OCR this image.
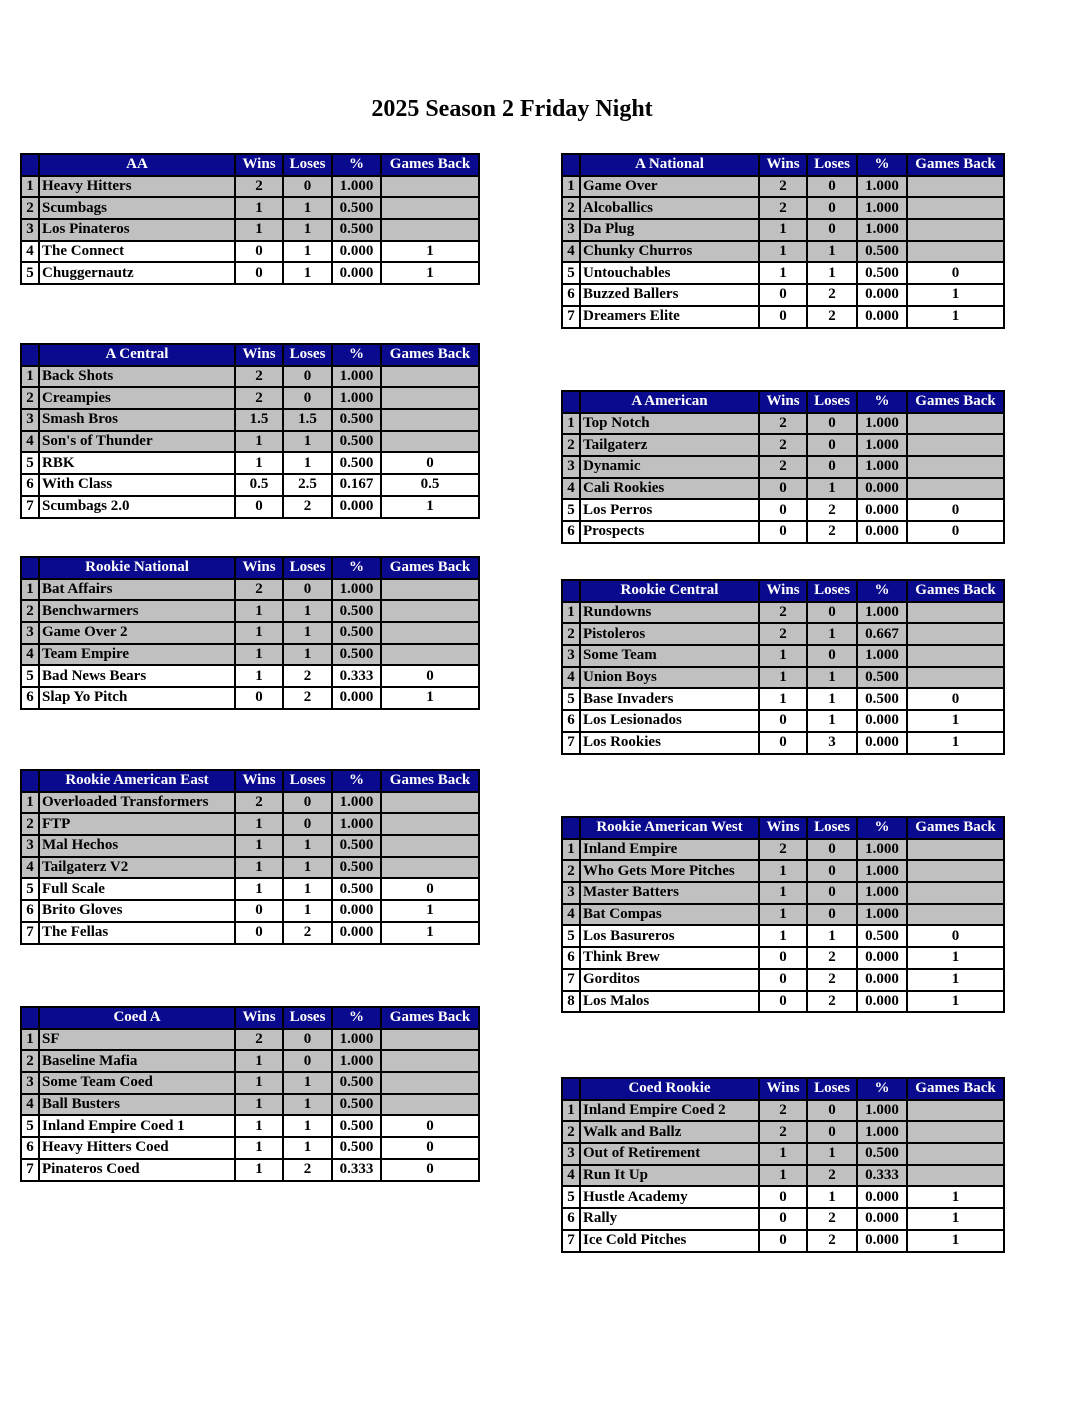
2025 Season 2 Friday Night
	AA	Wins	Loses	%	Games Back
1	Heavy Hitters	2	0	1.000	
2	Scumbags	1	1	0.500	
3	Los Pinateros	1	1	0.500	
4	The Connect	0	1	0.000	1
5	Chuggernautz	0	1	0.000	1
	A Central	Wins	Loses	%	Games Back
1	Back Shots	2	0	1.000	
2	Creampies	2	0	1.000	
3	Smash Bros	1.5	1.5	0.500	
4	Son's of Thunder	1	1	0.500	
5	RBK	1	1	0.500	0
6	With Class	0.5	2.5	0.167	0.5
7	Scumbags 2.0	0	2	0.000	1
	Rookie National	Wins	Loses	%	Games Back
1	Bat Affairs	2	0	1.000	
2	Benchwarmers	1	1	0.500	
3	Game Over 2	1	1	0.500	
4	Team Empire	1	1	0.500	
5	Bad News Bears	1	2	0.333	0
6	Slap Yo Pitch	0	2	0.000	1
	Rookie American East	Wins	Loses	%	Games Back
1	Overloaded Transformers	2	0	1.000	
2	FTP	1	0	1.000	
3	Mal Hechos	1	1	0.500	
4	Tailgaterz V2	1	1	0.500	
5	Full Scale	1	1	0.500	0
6	Brito Gloves	0	1	0.000	1
7	The Fellas	0	2	0.000	1
	Coed A	Wins	Loses	%	Games Back
1	SF	2	0	1.000	
2	Baseline Mafia	1	0	1.000	
3	Some Team Coed	1	1	0.500	
4	Ball Busters	1	1	0.500	
5	Inland Empire Coed 1	1	1	0.500	0
6	Heavy Hitters Coed	1	1	0.500	0
7	Pinateros Coed	1	2	0.333	0
	A National	Wins	Loses	%	Games Back
1	Game Over	2	0	1.000	
2	Alcoballics	2	0	1.000	
3	Da Plug	1	0	1.000	
4	Chunky Churros	1	1	0.500	
5	Untouchables	1	1	0.500	0
6	Buzzed Ballers	0	2	0.000	1
7	Dreamers Elite	0	2	0.000	1
	A American	Wins	Loses	%	Games Back
1	Top Notch	2	0	1.000	
2	Tailgaterz	2	0	1.000	
3	Dynamic	2	0	1.000	
4	Cali Rookies	0	1	0.000	
5	Los Perros	0	2	0.000	0
6	Prospects	0	2	0.000	0
	Rookie Central	Wins	Loses	%	Games Back
1	Rundowns	2	0	1.000	
2	Pistoleros	2	1	0.667	
3	Some Team	1	0	1.000	
4	Union Boys	1	1	0.500	
5	Base Invaders	1	1	0.500	0
6	Los Lesionados	0	1	0.000	1
7	Los Rookies	0	3	0.000	1
	Rookie American West	Wins	Loses	%	Games Back
1	Inland Empire	2	0	1.000	
2	Who Gets More Pitches	1	0	1.000	
3	Master Batters	1	0	1.000	
4	Bat Compas	1	0	1.000	
5	Los Basureros	1	1	0.500	0
6	Think Brew	0	2	0.000	1
7	Gorditos	0	2	0.000	1
8	Los Malos	0	2	0.000	1
	Coed Rookie	Wins	Loses	%	Games Back
1	Inland Empire Coed 2	2	0	1.000	
2	Walk and Ballz	2	0	1.000	
3	Out of Retirement	1	1	0.500	
4	Run It Up	1	2	0.333	
5	Hustle Academy	0	1	0.000	1
6	Rally	0	2	0.000	1
7	Ice Cold Pitches	0	2	0.000	1
